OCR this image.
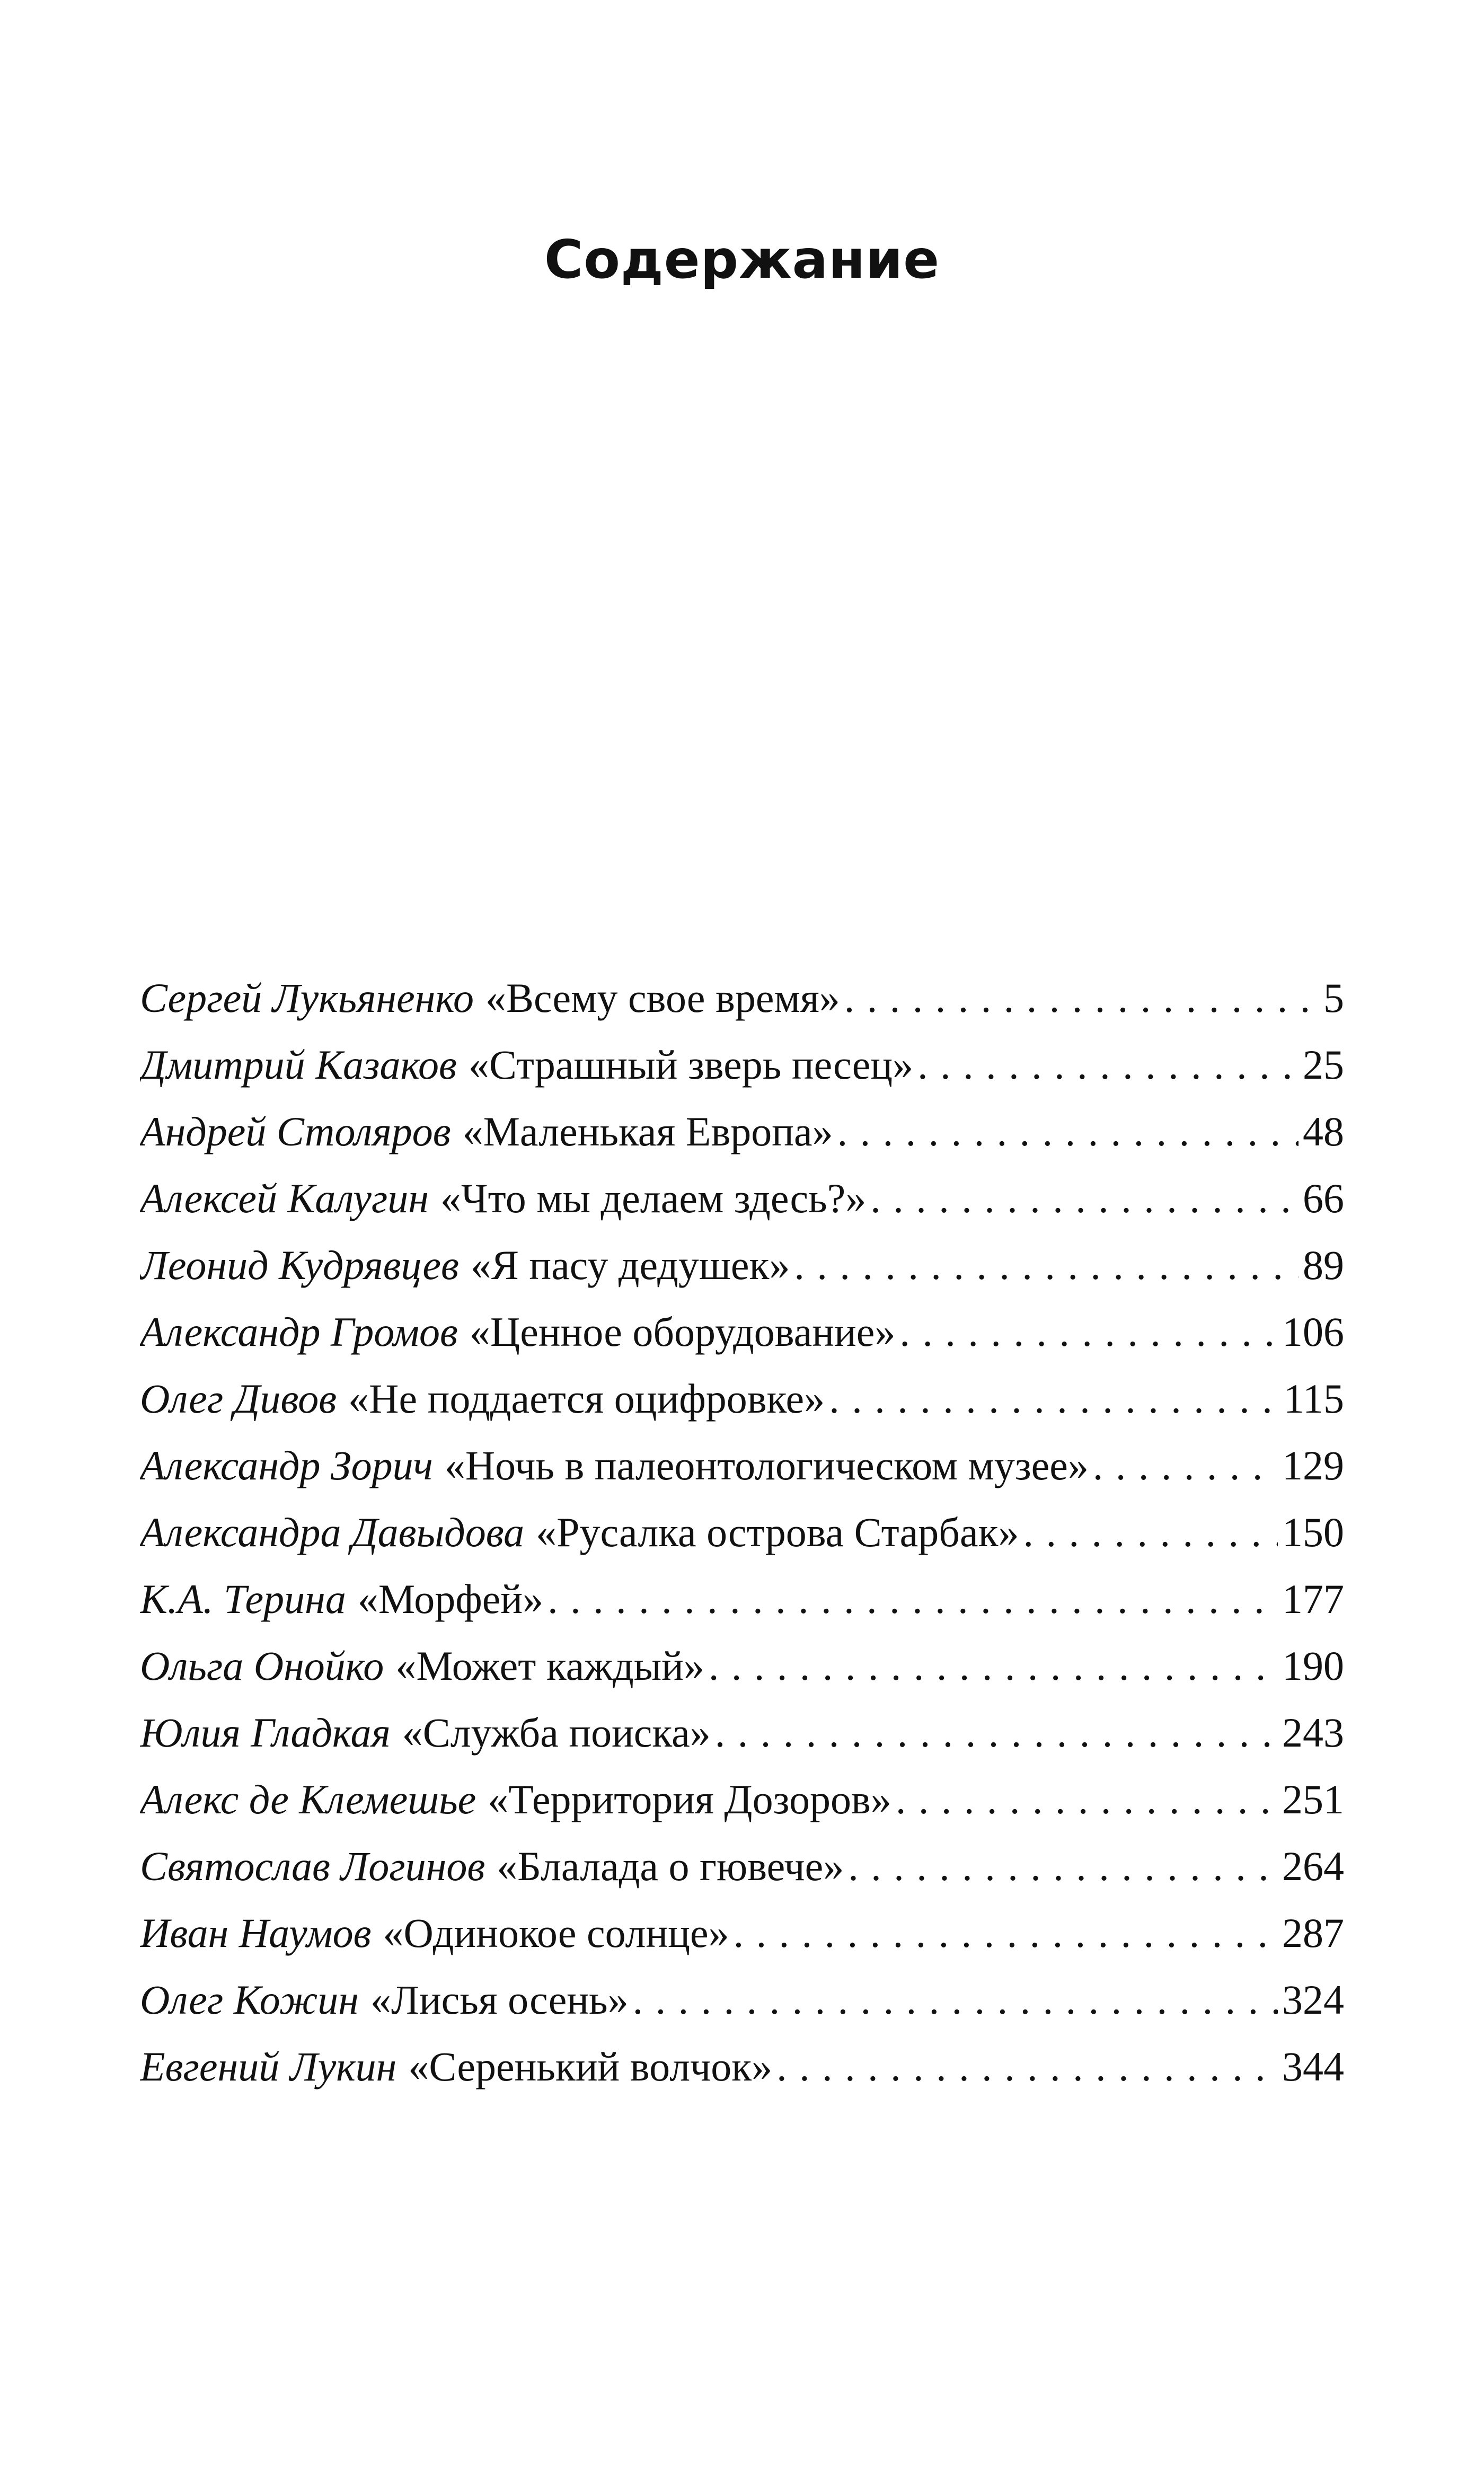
Содержание
Сергей Лукьяненко «Всему свое время» . . .	5
Дмитрий Казаков «Страшный зверь песец» . . .	25
Андрей Столяров «Маленькая Европа» . . .	48
Алексей Калугин «Что мы делаем здесь?» . . .	66
Леонид Кудрявцев «Я пасу дедушек» . . .	89
Александр Громов «Ценное оборудование» . . .	106
Олег Дивов «Не поддается оцифровке» . . .	115
Александр Зорич «Ночь в палеонтологическом музее» . . .	129
Александра Давыдова «Русалка острова Старбак» . . .	150
К.А. Терина «Морфей» . . .	177
Ольга Онойко «Может каждый» . . .	190
Юлия Гладкая «Служба поиска» . . .	243
Алекс де Клемешье «Территория Дозоров» . . .	251
Святослав Логинов «Блалада о гювече» . . .	264
Иван Наумов «Одинокое солнце» . . .	287
Олег Кожин «Лисья осень» . . .	324
Евгений Лукин «Серенький волчок» . . .	344
